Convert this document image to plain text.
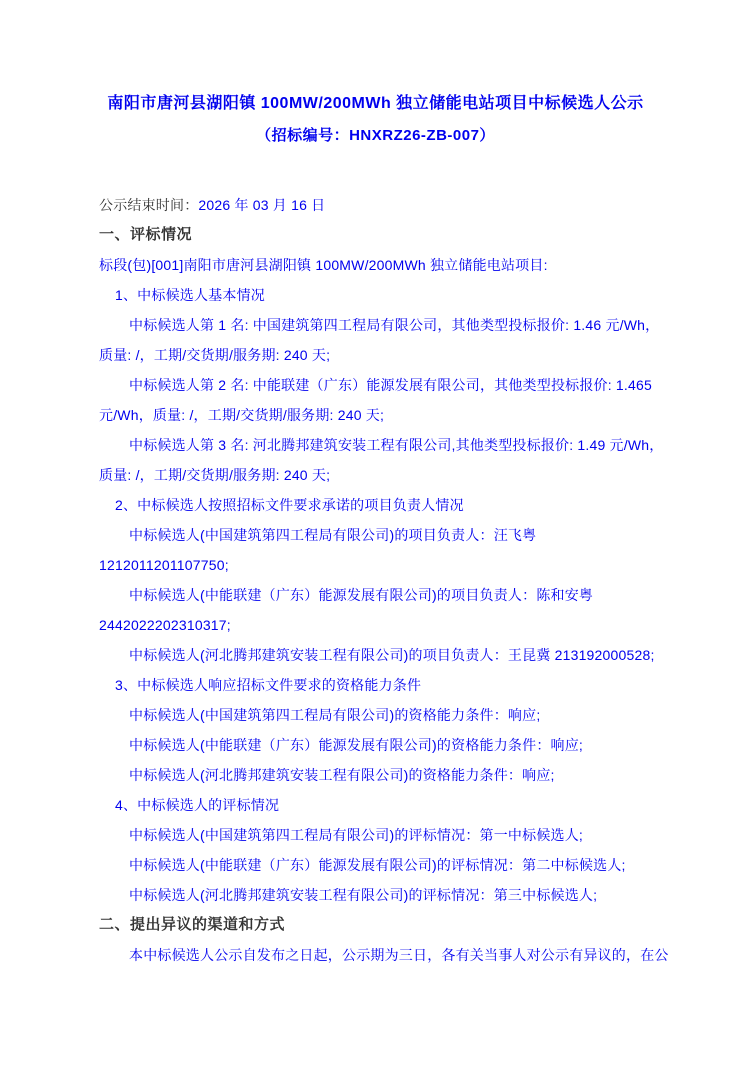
南阳市唐河县湖阳镇 100MW/200MWh 独立储能电站项目中标候选人公示
（招标编号：HNXRZ26-ZB-007）

公示结束时间：2026 年 03 月 16 日

一、评标情况

标段(包)[001]南阳市唐河县湖阳镇 100MW/200MWh 独立储能电站项目:

1、中标候选人基本情况

中标候选人第 1 名: 中国建筑第四工程局有限公司，其他类型投标报价: 1.46 元/Wh，

质量: /，工期/交货期/服务期: 240 天;

中标候选人第 2 名: 中能联建（广东）能源发展有限公司，其他类型投标报价: 1.465

元/Wh，质量: /，工期/交货期/服务期: 240 天;

中标候选人第 3 名: 河北腾邦建筑安装工程有限公司,其他类型投标报价: 1.49 元/Wh，

质量: /，工期/交货期/服务期: 240 天;

2、中标候选人按照招标文件要求承诺的项目负责人情况

中标候选人(中国建筑第四工程局有限公司)的项目负责人：汪飞粤

1212011201107750;

中标候选人(中能联建（广东）能源发展有限公司)的项目负责人：陈和安粤

2442022202310317;

中标候选人(河北腾邦建筑安装工程有限公司)的项目负责人：王昆冀 213192000528;

3、中标候选人响应招标文件要求的资格能力条件

中标候选人(中国建筑第四工程局有限公司)的资格能力条件：响应;

中标候选人(中能联建（广东）能源发展有限公司)的资格能力条件：响应;

中标候选人(河北腾邦建筑安装工程有限公司)的资格能力条件：响应;

4、中标候选人的评标情况

中标候选人(中国建筑第四工程局有限公司)的评标情况：第一中标候选人;

中标候选人(中能联建（广东）能源发展有限公司)的评标情况：第二中标候选人;

中标候选人(河北腾邦建筑安装工程有限公司)的评标情况：第三中标候选人;

二、提出异议的渠道和方式

本中标候选人公示自发布之日起，公示期为三日，各有关当事人对公示有异议的，在公
